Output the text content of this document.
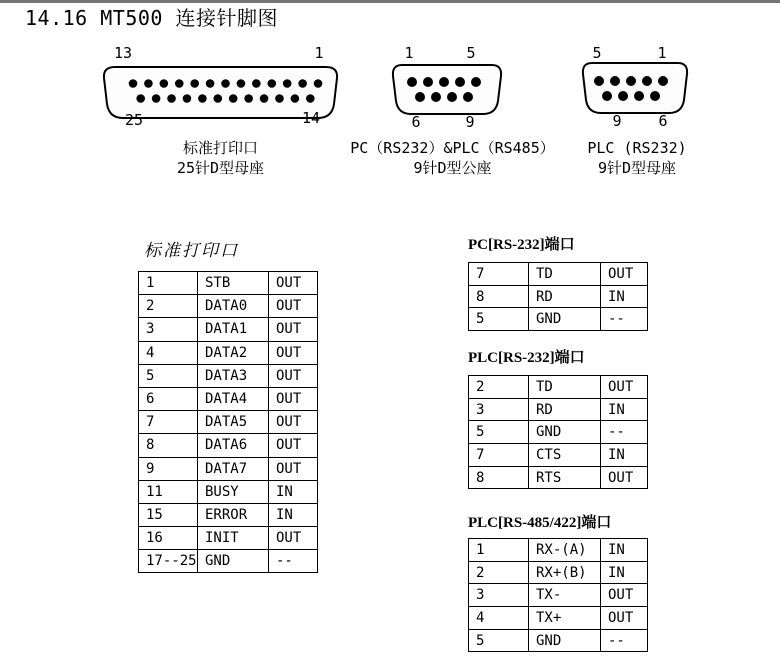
14.16 MT500 连接针脚图
13	1
25	14
1	5
6	9
5	1
9 6
标准打印口
25针D型母座
PC（RS232）&PLC（RS485）
9针D型公座
PLC (RS232)
9针D型母座
标准打印口
1	STB	OUT
2	DATA0	OUT
3	DATA1	OUT
4	DATA2	OUT
5	DATA3	OUT
6	DATA4	OUT
7	DATA5	OUT
8	DATA6	OUT
9	DATA7	OUT
11	BUSY	IN
15	ERROR	IN
16	INIT	OUT
17--25	GND	--
PC[RS-232]端口
7	TD	OUT
8	RD	IN
5	GND	--
PLC[RS-232]端口
2	TD	OUT
3	RD	IN
5	GND	--
7	CTS	IN
8	RTS	OUT
PLC[RS-485/422]端口
1	RX-(A)	IN
2	RX+(B)	IN
3	TX-	OUT
4	TX+	OUT
5	GND	--
